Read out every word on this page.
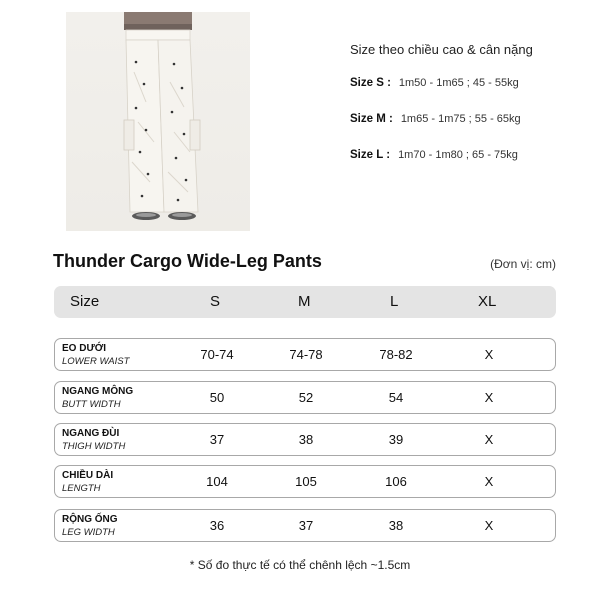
Size theo chiều cao & cân nặng
Size S : 1m50 - 1m65 ; 45 - 55kg
Size M : 1m65 - 1m75 ; 55 - 65kg
Size L : 1m70 - 1m80 ; 65 - 75kg
Thunder Cargo Wide-Leg Pants	(Đơn vị: cm)
Size	S	M	L	XL
EO DƯỚI
LOWER WAIST	70-74	74-78	78-82	X
NGANG MÔNG
BUTT WIDTH	50	52	54	X
NGANG ĐÙI
THIGH WIDTH	37	38	39	X
CHIỀU DÀI
LENGTH	104	105	106	X
RỘNG ỐNG
LEG WIDTH	36	37	38	X
* Số đo thực tế có thể chênh lệch ~1.5cm
